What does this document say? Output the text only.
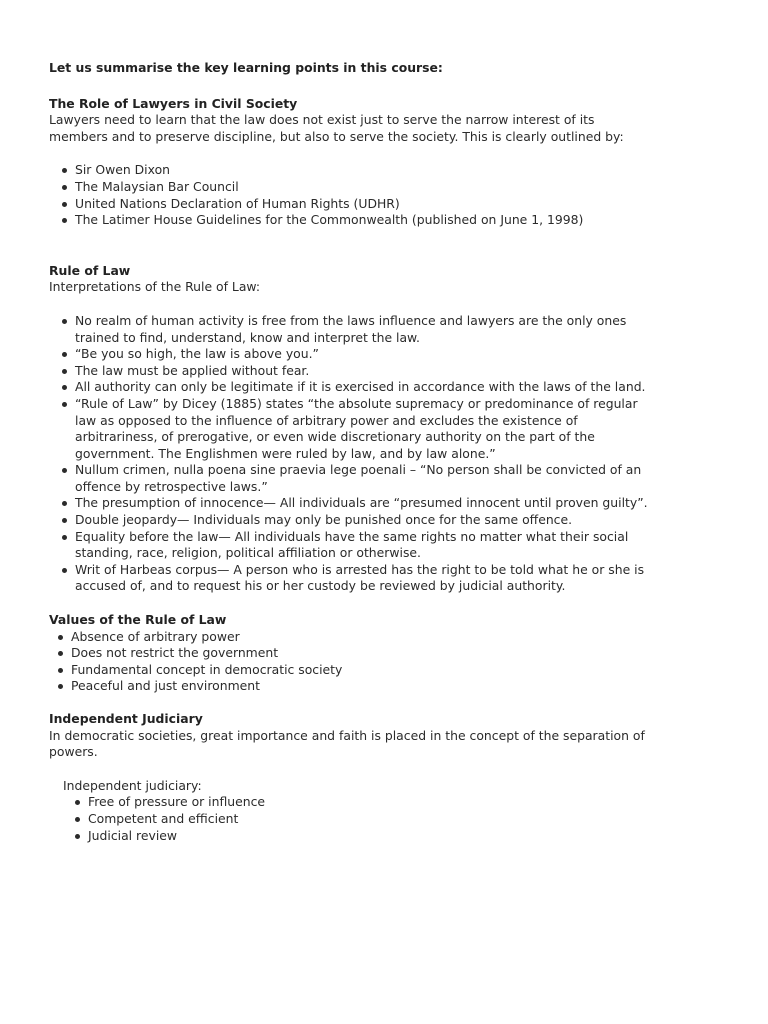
Let us summarise the key learning points in this course:
The Role of Lawyers in Civil Society

Lawyers need to learn that the law does not exist just to serve the narrow interest of its members and to preserve discipline, but also to serve the society. This is clearly outlined by:

Sir Owen Dixon
The Malaysian Bar Council
United Nations Declaration of Human Rights (UDHR)
The Latimer House Guidelines for the Commonwealth (published on June 1, 1998)
Rule of Law

Interpretations of the Rule of Law:

No realm of human activity is free from the laws influence and lawyers are the only ones trained to find, understand, know and interpret the law.
“Be you so high, the law is above you.”
The law must be applied without fear.
All authority can only be legitimate if it is exercised in accordance with the laws of the land.
“Rule of Law” by Dicey (1885) states “the absolute supremacy or predominance of regular law as opposed to the influence of arbitrary power and excludes the existence of arbitrariness, of prerogative, or even wide discretionary authority on the part of the government. The Englishmen were ruled by law, and by law alone.”
Nullum crimen, nulla poena sine praevia lege poenali – “No person shall be convicted of an offence by retrospective laws.”
The presumption of innocence— All individuals are “presumed innocent until proven guilty”.
Double jeopardy— Individuals may only be punished once for the same offence.
Equality before the law— All individuals have the same rights no matter what their social standing, race, religion, political affiliation or otherwise.
Writ of Harbeas corpus— A person who is arrested has the right to be told what he or she is accused of, and to request his or her custody be reviewed by judicial authority.
Values of the Rule of Law
Absence of arbitrary power
Does not restrict the government
Fundamental concept in democratic society
Peaceful and just environment
Independent Judiciary

In democratic societies, great importance and faith is placed in the concept of the separation of powers.

Independent judiciary:

Free of pressure or influence
Competent and efficient
Judicial review
